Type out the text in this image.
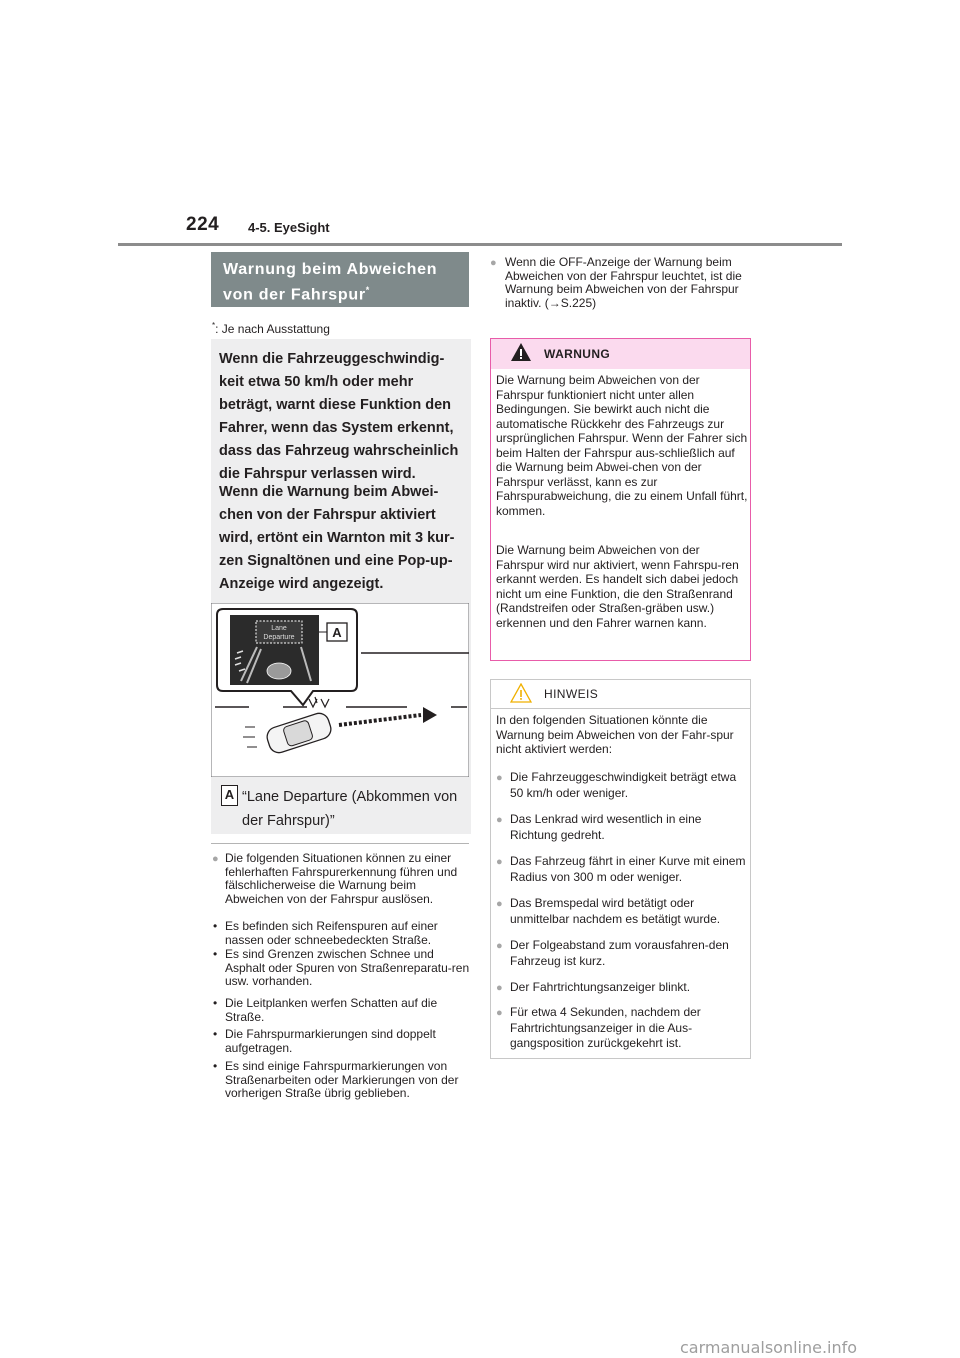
224 4-5. EyeSight
Warnung beim Abweichen
von der Fahrspur*
*: Je nach Ausstattung
Wenn die Fahrzeuggeschwindig-keit etwa 50 km/h oder mehr beträgt, warnt diese Funktion den Fahrer, wenn das System erkennt, dass das Fahrzeug wahrscheinlich die Fahrspur verlassen wird.
Wenn die Warnung beim Abwei-chen von der Fahrspur aktiviert wird, ertönt ein Warnton mit 3 kur-zen Signaltönen und eine Pop-up-Anzeige wird angezeigt.
Lane
Departure	A
A “Lane Departure (Abkommen von
der Fahrspur)”
● Die folgenden Situationen können zu einer fehlerhaften Fahrspurerkennung führen und fälschlicherweise die Warnung beim Abweichen von der Fahrspur auslösen.
• Es befinden sich Reifenspuren auf einer nassen oder schneebedeckten Straße.
• Es sind Grenzen zwischen Schnee und Asphalt oder Spuren von Straßenreparatu-ren usw. vorhanden.
• Die Leitplanken werfen Schatten auf die Straße.
• Die Fahrspurmarkierungen sind doppelt aufgetragen.
• Es sind einige Fahrspurmarkierungen von Straßenarbeiten oder Markierungen von der vorherigen Straße übrig geblieben.
● Wenn die OFF-Anzeige der Warnung beim Abweichen von der Fahrspur leuchtet, ist die Warnung beim Abweichen von der Fahrspur inaktiv. (→S.225)
WARNUNG
Die Warnung beim Abweichen von der Fahrspur funktioniert nicht unter allen Bedingungen. Sie bewirkt auch nicht die automatische Rückkehr des Fahrzeugs zur ursprünglichen Fahrspur. Wenn der Fahrer sich beim Halten der Fahrspur aus-schließlich auf die Warnung beim Abwei-chen von der Fahrspur verlässt, kann es zur Fahrspurabweichung, die zu einem Unfall führt, kommen.
Die Warnung beim Abweichen von der Fahrspur wird nur aktiviert, wenn Fahrspu-ren erkannt werden. Es handelt sich dabei jedoch nicht um eine Funktion, die den Straßenrand (Randstreifen oder Straßen-gräben usw.) erkennen und den Fahrer warnen kann.
HINWEIS
In den folgenden Situationen könnte die Warnung beim Abweichen von der Fahr-spur nicht aktiviert werden:
● Die Fahrzeuggeschwindigkeit beträgt etwa 50 km/h oder weniger.
● Das Lenkrad wird wesentlich in eine Richtung gedreht.
● Das Fahrzeug fährt in einer Kurve mit einem Radius von 300 m oder weniger.
● Das Bremspedal wird betätigt oder unmittelbar nachdem es betätigt wurde.
● Der Folgeabstand zum vorausfahren-den Fahrzeug ist kurz.
● Der Fahrtrichtungsanzeiger blinkt.
● Für etwa 4 Sekunden, nachdem der Fahrtrichtungsanzeiger in die Aus-gangsposition zurückgekehrt ist.
carmanualsonline.info
